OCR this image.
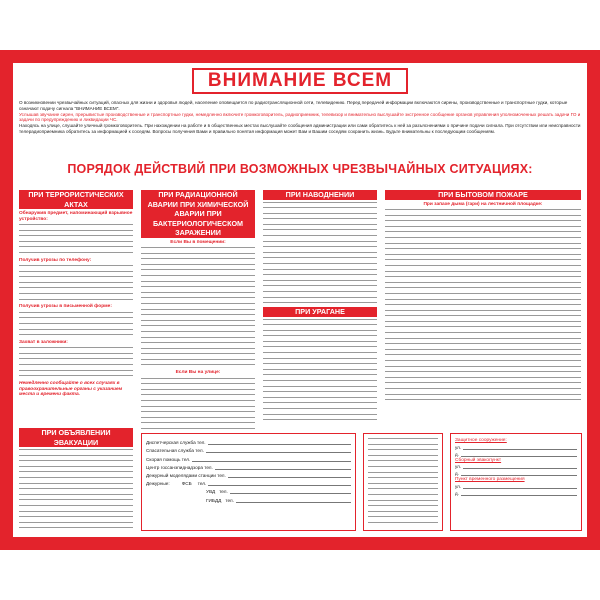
ВНИМАНИЕ ВСЕМ

О возникновении чрезвычайных ситуаций, опасных для жизни и здоровья людей, население оповещается по радиотрансляционной сети, телевидению. Перед передачей информации включаются сирены, производственные и транспортные гудки, которые означают подачу сигнала "ВНИМАНИЕ ВСЕМ".

Услышав звучание сирен, прерывистые производственные и транспортные гудки, немедленно включите громкоговоритель, радиоприемник, телевизор и внимательно выслушайте экстренное сообщение органов управления уполномоченных решать задачи ГО и задачи по предупреждению и ликвидации ЧС.

Находясь на улице, слушайте уличный громкоговоритель. При нахождении на работе и в общественных местах выслушайте сообщения администрации или сами обратитесь к ней за разъяснениями о причине подачи сигнала. При отсутствии или неисправности телерадиоприемника обратитесь за информацией к соседям. Вопросы получения Вами и правильно понятая информация может Вам и Вашим соседям сохранить жизнь. Будьте внимательны к последующим сообщениям.

ПОРЯДОК ДЕЙСТВИЙ ПРИ ВОЗМОЖНЫХ ЧРЕЗВЫЧАЙНЫХ СИТУАЦИЯХ:
ПРИ ТЕРРОРИСТИЧЕСКИХ АКТАХ
Обнаружив предмет, напоминающий взрывное устройство:
Получив угрозы по телефону:
Получив угрозы в письменной форме:
Захват в заложники:
Немедленно сообщайте о всех случаях в правоохранительные органы с указанием места и времени факта.
ПРИ ОБЪЯВЛЕНИИ ЭВАКУАЦИИ
ПРИ РАДИАЦИОННОЙ АВАРИИ ПРИ ХИМИЧЕСКОЙ АВАРИИ ПРИ БАКТЕРИОЛОГИЧЕСКОМ ЗАРАЖЕНИИ
Если Вы в помещении:
Если Вы на улице:
ПРИ НАВОДНЕНИИ
ПРИ УРАГАНЕ
ПРИ БЫТОВОМ ПОЖАРЕ
При запахе дыма (гари) на лестничной площадке:
Диспетчерская служба тел.
Спасательная служба тел.
Скорая помощь тел.
Центр госсанэпиднадзора тел.
Дежурный моделядами станции тел.
Дежурные:	ФСБ	тел.
УВД тел.
ГИБДД тел.
Защитное сооружение:
ул.
д.
Сборный эвакопункт
ул.
д.
Пункт временного размещения
ул.
д.
